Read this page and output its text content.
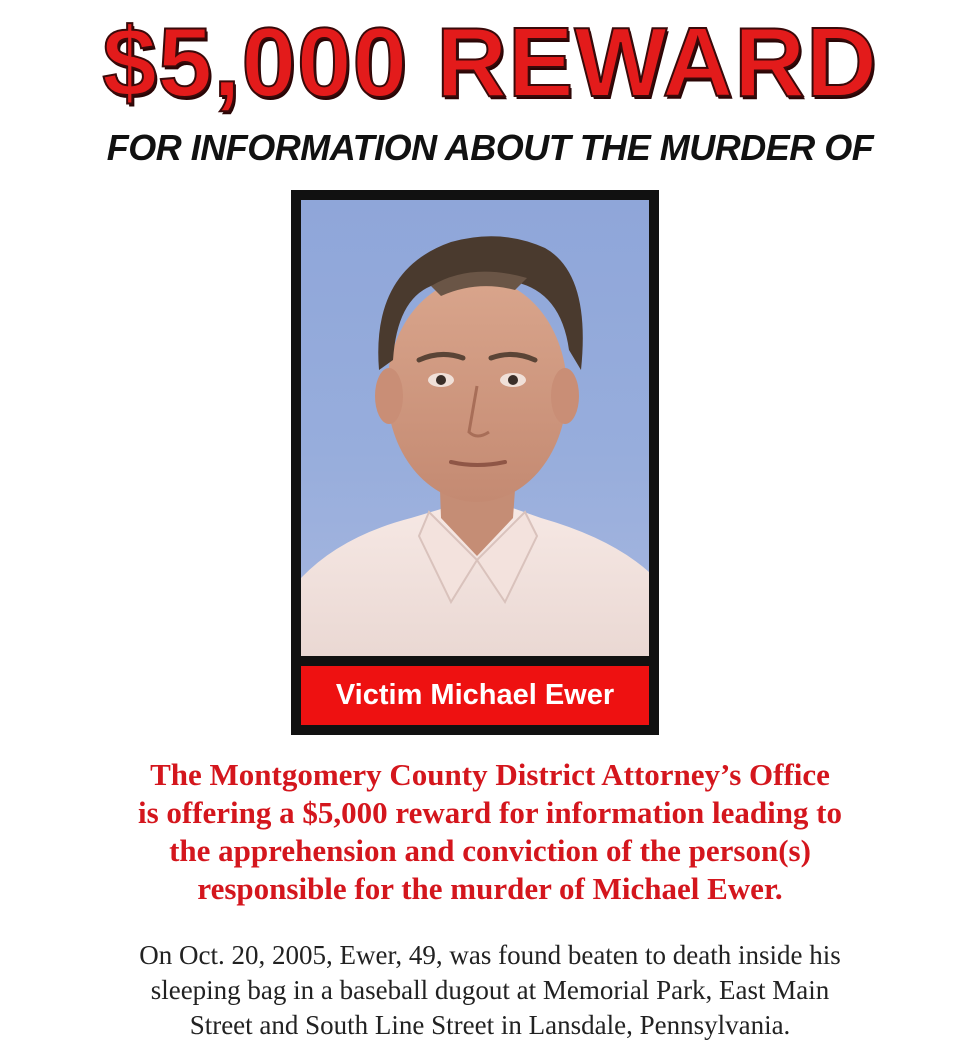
$5,000 REWARD
FOR INFORMATION ABOUT THE MURDER OF
Victim Michael Ewer
The Montgomery County District Attorney’s Office
is offering a $5,000 reward for information leading to
the apprehension and conviction of the person(s)
responsible for the murder of Michael Ewer.
On Oct. 20, 2005, Ewer, 49, was found beaten to death inside his
sleeping bag in a baseball dugout at Memorial Park, East Main
Street and South Line Street in Lansdale, Pennsylvania.
